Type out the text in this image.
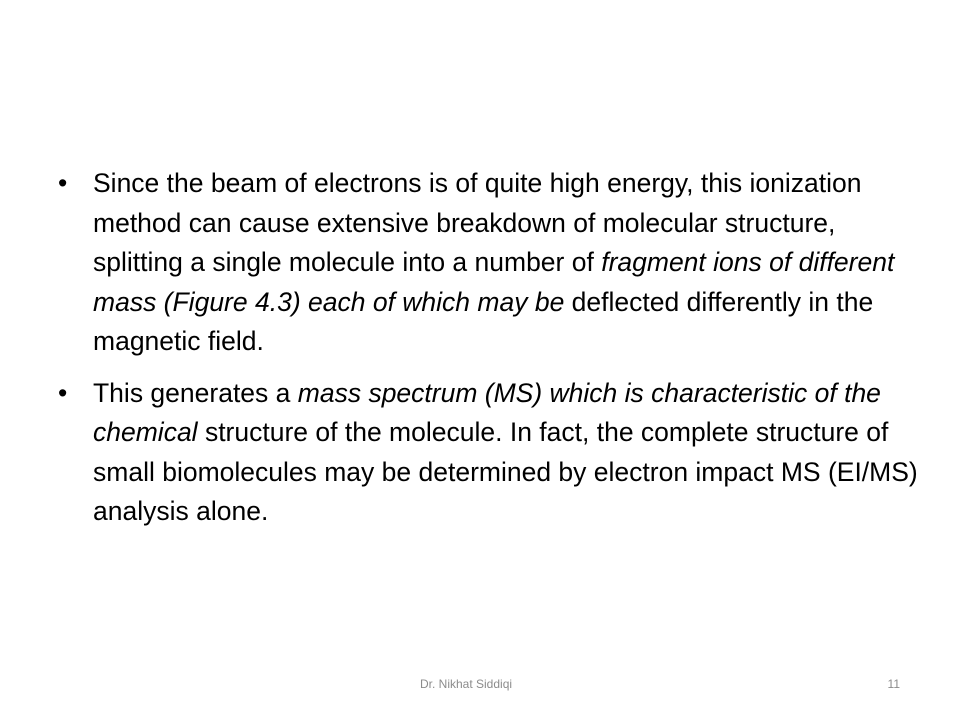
• Since the beam of electrons is of quite high energy, this ionization method can cause extensive breakdown of molecular structure, splitting a single molecule into a number of fragment ions of different mass (Figure 4.3) each of which may be deflected differently in the magnetic field.
• This generates a mass spectrum (MS) which is characteristic of the chemical structure of the molecule. In fact, the complete structure of small biomolecules may be determined by electron impact MS (EI/MS) analysis alone.
Dr. Nikhat Siddiqi	11
